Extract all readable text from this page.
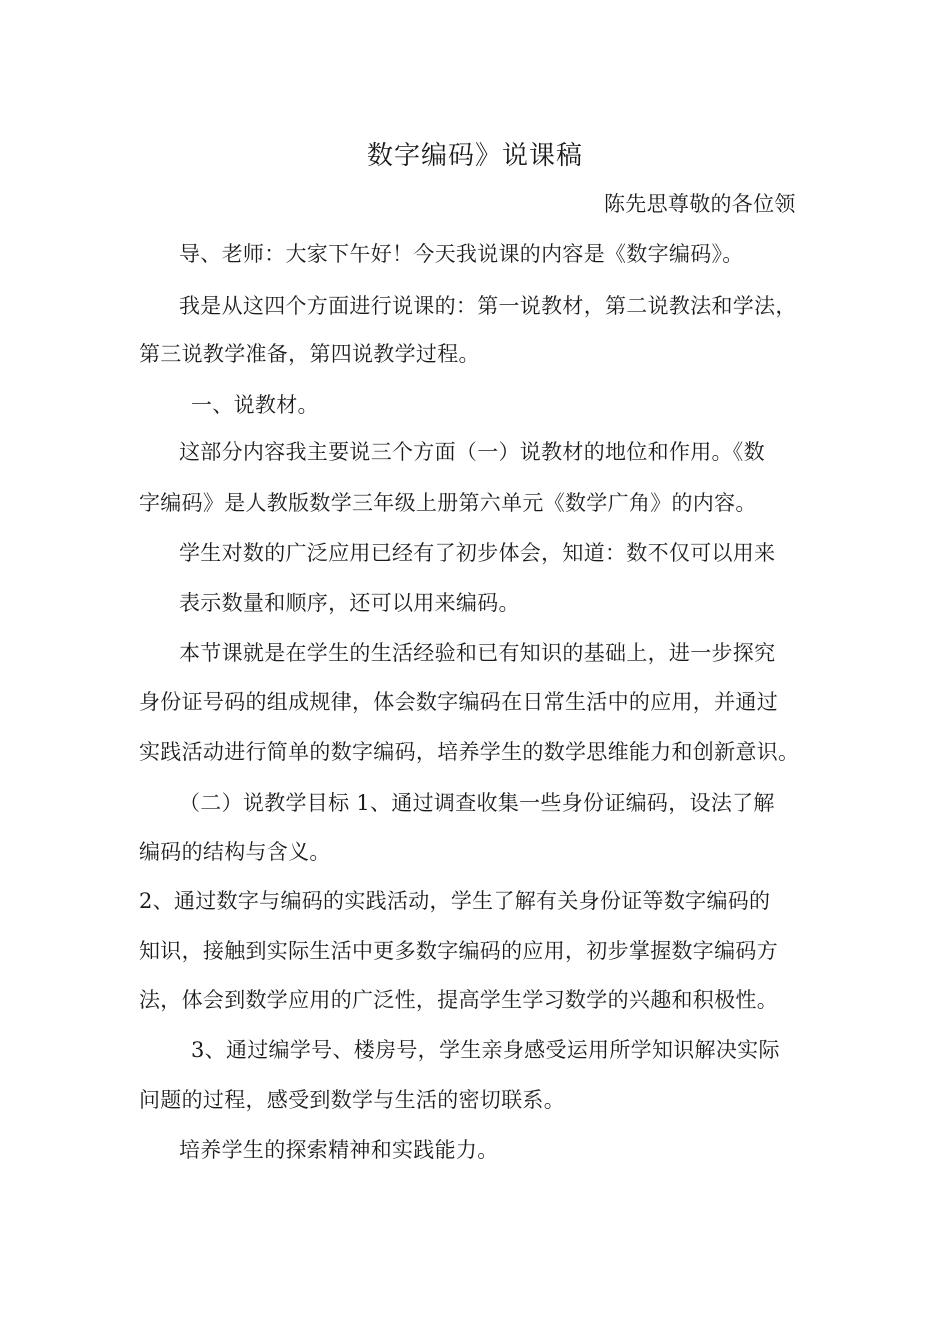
数字编码》说课稿
陈先思尊敬的各位领
导、老师：大家下午好！今天我说课的内容是《数字编码》。
我是从这四个方面进行说课的：第一说教材，第二说教法和学法，
第三说教学准备，第四说教学过程。
一、说教材。
这部分内容我主要说三个方面（一）说教材的地位和作用。《数
字编码》是人教版数学三年级上册第六单元《数学广角》的内容。
学生对数的广泛应用已经有了初步体会，知道：数不仅可以用来
表示数量和顺序，还可以用来编码。
本节课就是在学生的生活经验和已有知识的基础上，进一步探究
身份证号码的组成规律，体会数字编码在日常生活中的应用，并通过
实践活动进行简单的数字编码，培养学生的数学思维能力和创新意识。
（二）说教学目标 1、通过调查收集一些身份证编码，设法了解
编码的结构与含义。
2、通过数字与编码的实践活动，学生了解有关身份证等数字编码的
知识，接触到实际生活中更多数字编码的应用，初步掌握数字编码方
法，体会到数学应用的广泛性，提高学生学习数学的兴趣和积极性。
3、通过编学号、楼房号，学生亲身感受运用所学知识解决实际
问题的过程，感受到数学与生活的密切联系。
培养学生的探索精神和实践能力。
